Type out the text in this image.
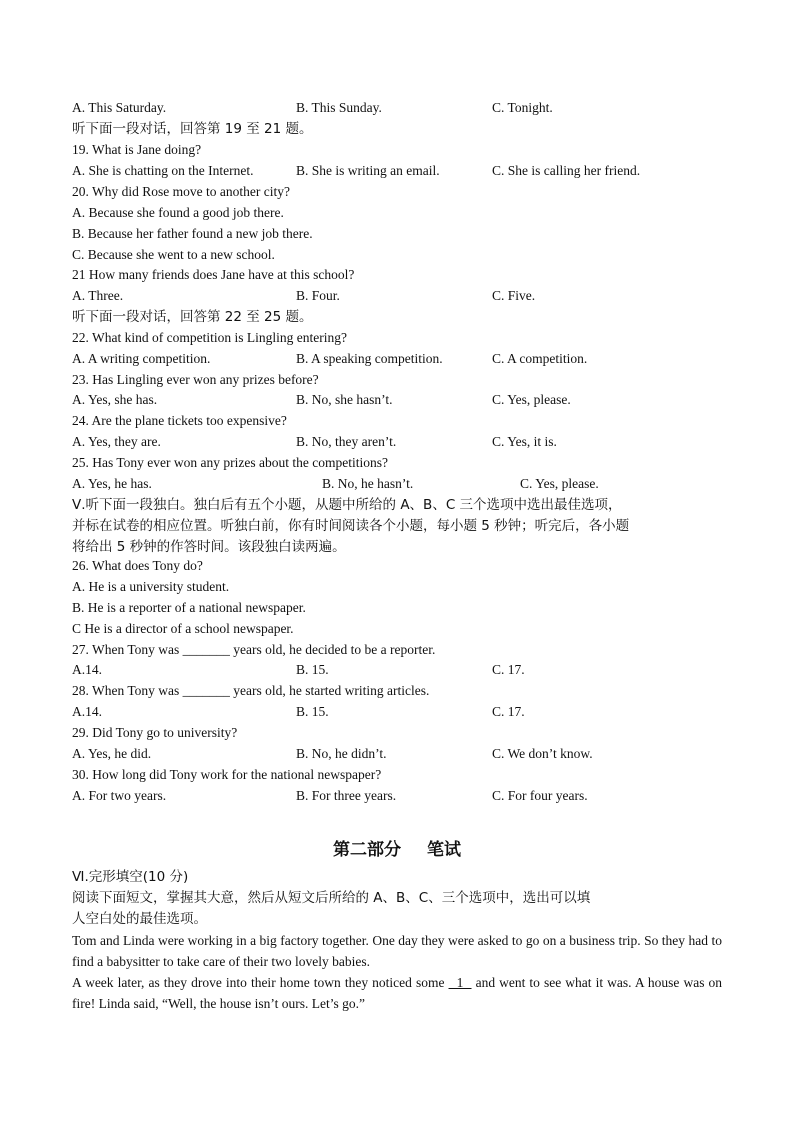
A. This Saturday.	B. This Sunday.	C. Tonight.
听下面一段对话，回答第 19 至 21 题。
19. What is Jane doing?
A. She is chatting on the Internet.	B. She is writing an email.	C. She is calling her friend.
20. Why did Rose move to another city?
A. Because she found a good job there.
B. Because her father found a new job there.
C. Because she went to a new school.
21 How many friends does Jane have at this school?
A. Three.	B. Four.	C. Five.
听下面一段对话，回答第 22 至 25 题。
22. What kind of competition is Lingling entering?
A. A writing competition.	B. A speaking competition.	C. A competition.
23. Has Lingling ever won any prizes before?
A. Yes, she has.	B. No, she hasn’t.	C. Yes, please.
24. Are the plane tickets too expensive?
A. Yes, they are.	B. No, they aren’t.	C. Yes, it is.
25. Has Tony ever won any prizes about the competitions?
A. Yes, he has.	B. No, he hasn’t.	C. Yes, please.
26. What does Tony do?
A. He is a university student.
B. He is a reporter of a national newspaper.
C He is a director of a school newspaper.
27. When Tony was _______ years old, he decided to be a reporter.
A.14.	B. 15.	C. 17.
28. When Tony was _______ years old, he started writing articles.
A.14.	B. 15.	C. 17.
29. Did Tony go to university?
A. Yes, he did.	B. No, he didn’t.	C. We don’t know.
30. How long did Tony work for the national newspaper?
A. For two years.	B. For three years.	C. For four years.
Ⅴ.听下面一段独白。独白后有五个小题，从题中所给的 A、B、C 三个选项中选出最佳选项，
并标在试卷的相应位置。听独白前，你有时间阅读各个小题，每小题 5 秒钟；听完后，各小题
将给出 5 秒钟的作答时间。该段独白读两遍。
第二部分 笔试
Ⅵ.完形填空(10 分)
阅读下面短文，掌握其大意，然后从短文后所给的 A、B、C、三个选项中，选出可以填
人空白处的最佳选项。
Tom and Linda were working in a big factory together. One day they were asked to go on a business trip. So they had to find a babysitter to take care of their two lovely babies.
A week later, as they drove into their home town they noticed some   1   and went to see what it was. A house was on fire! Linda said, “Well, the house isn’t ours. Let’s go.”
